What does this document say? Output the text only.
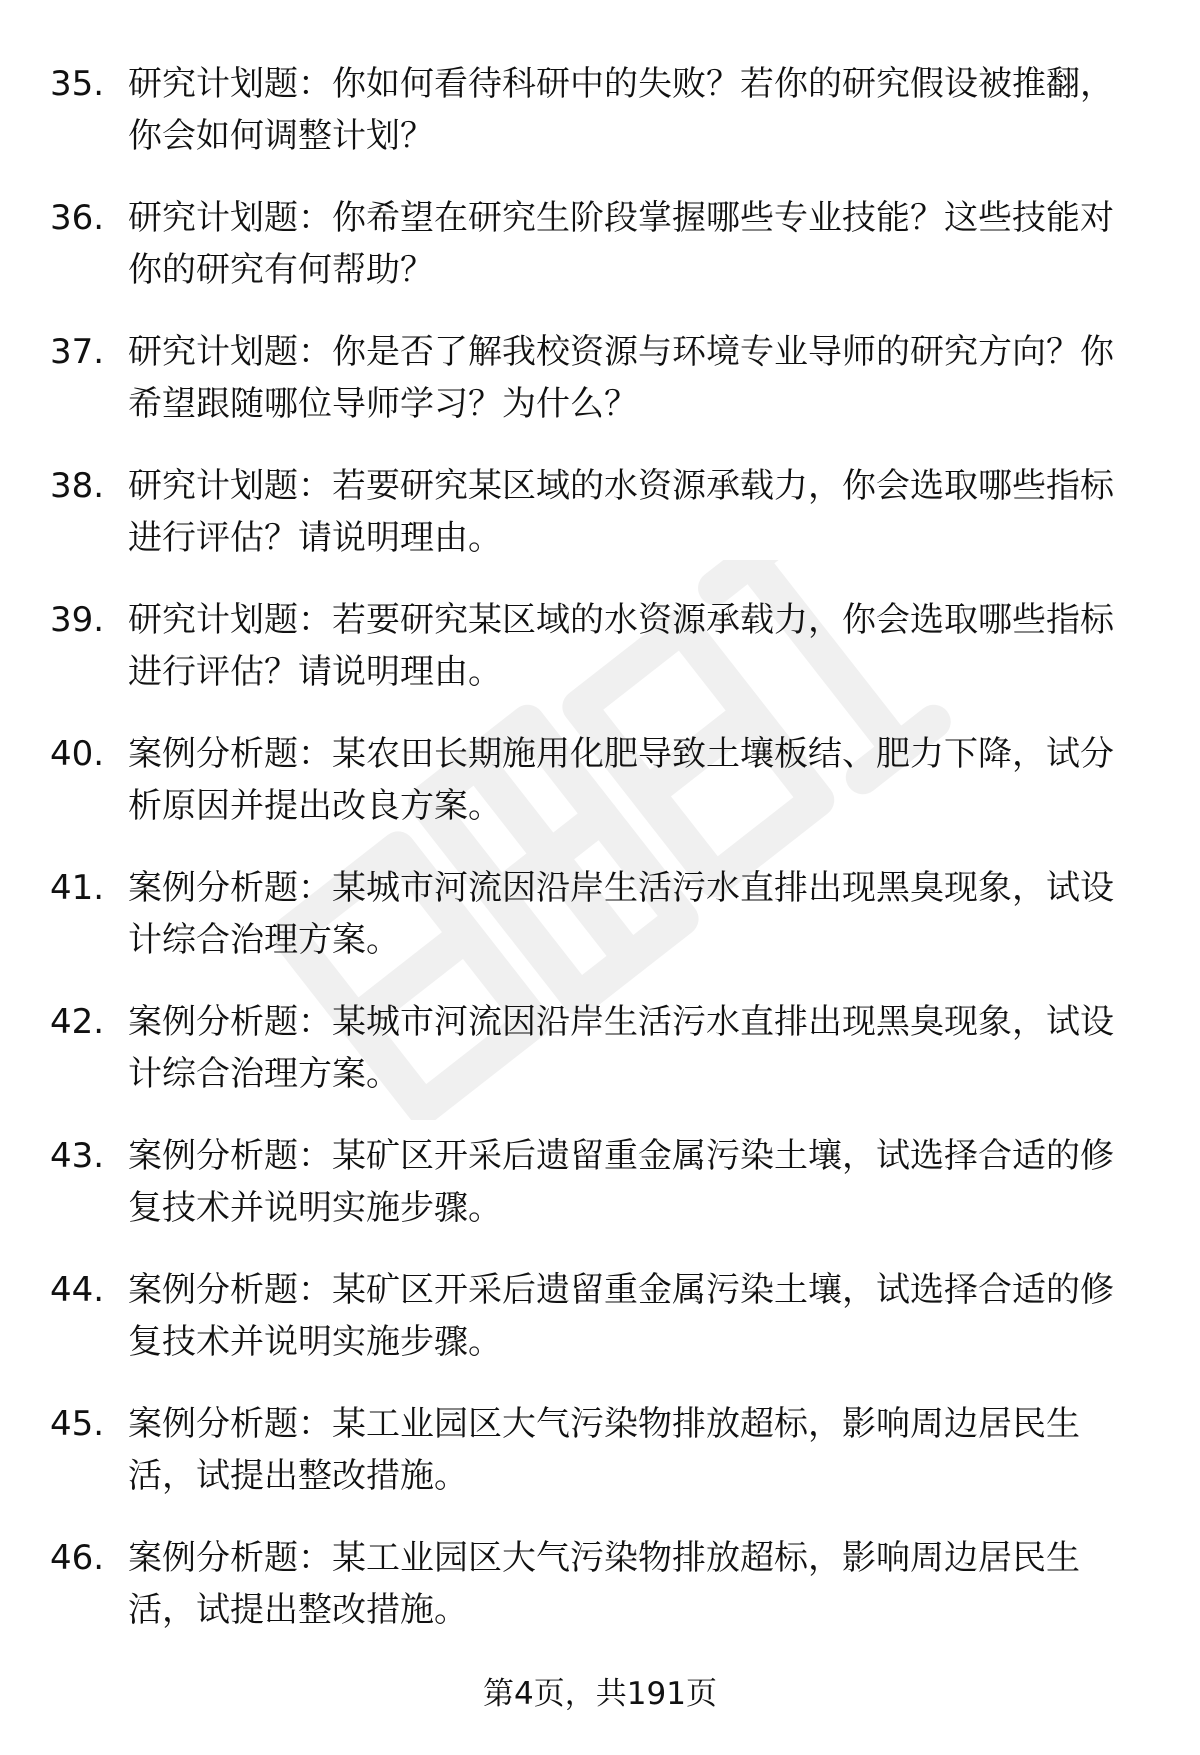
35. 研究计划题：你如何看待科研中的失败？若你的研究假设被推翻，你会如何调整计划？
36. 研究计划题：你希望在研究生阶段掌握哪些专业技能？这些技能对你的研究有何帮助？
37. 研究计划题：你是否了解我校资源与环境专业导师的研究方向？你希望跟随哪位导师学习？为什么？
38. 研究计划题：若要研究某区域的水资源承载力，你会选取哪些指标进行评估？请说明理由。
39. 研究计划题：若要研究某区域的水资源承载力，你会选取哪些指标进行评估？请说明理由。
40. 案例分析题：某农田长期施用化肥导致土壤板结、肥力下降，试分析原因并提出改良方案。
41. 案例分析题：某城市河流因沿岸生活污水直排出现黑臭现象，试设计综合治理方案。
42. 案例分析题：某城市河流因沿岸生活污水直排出现黑臭现象，试设计综合治理方案。
43. 案例分析题：某矿区开采后遗留重金属污染土壤，试选择合适的修复技术并说明实施步骤。
44. 案例分析题：某矿区开采后遗留重金属污染土壤，试选择合适的修复技术并说明实施步骤。
45. 案例分析题：某工业园区大气污染物排放超标，影响周边居民生活，试提出整改措施。
46. 案例分析题：某工业园区大气污染物排放超标，影响周边居民生活，试提出整改措施。
第4页，共191页
